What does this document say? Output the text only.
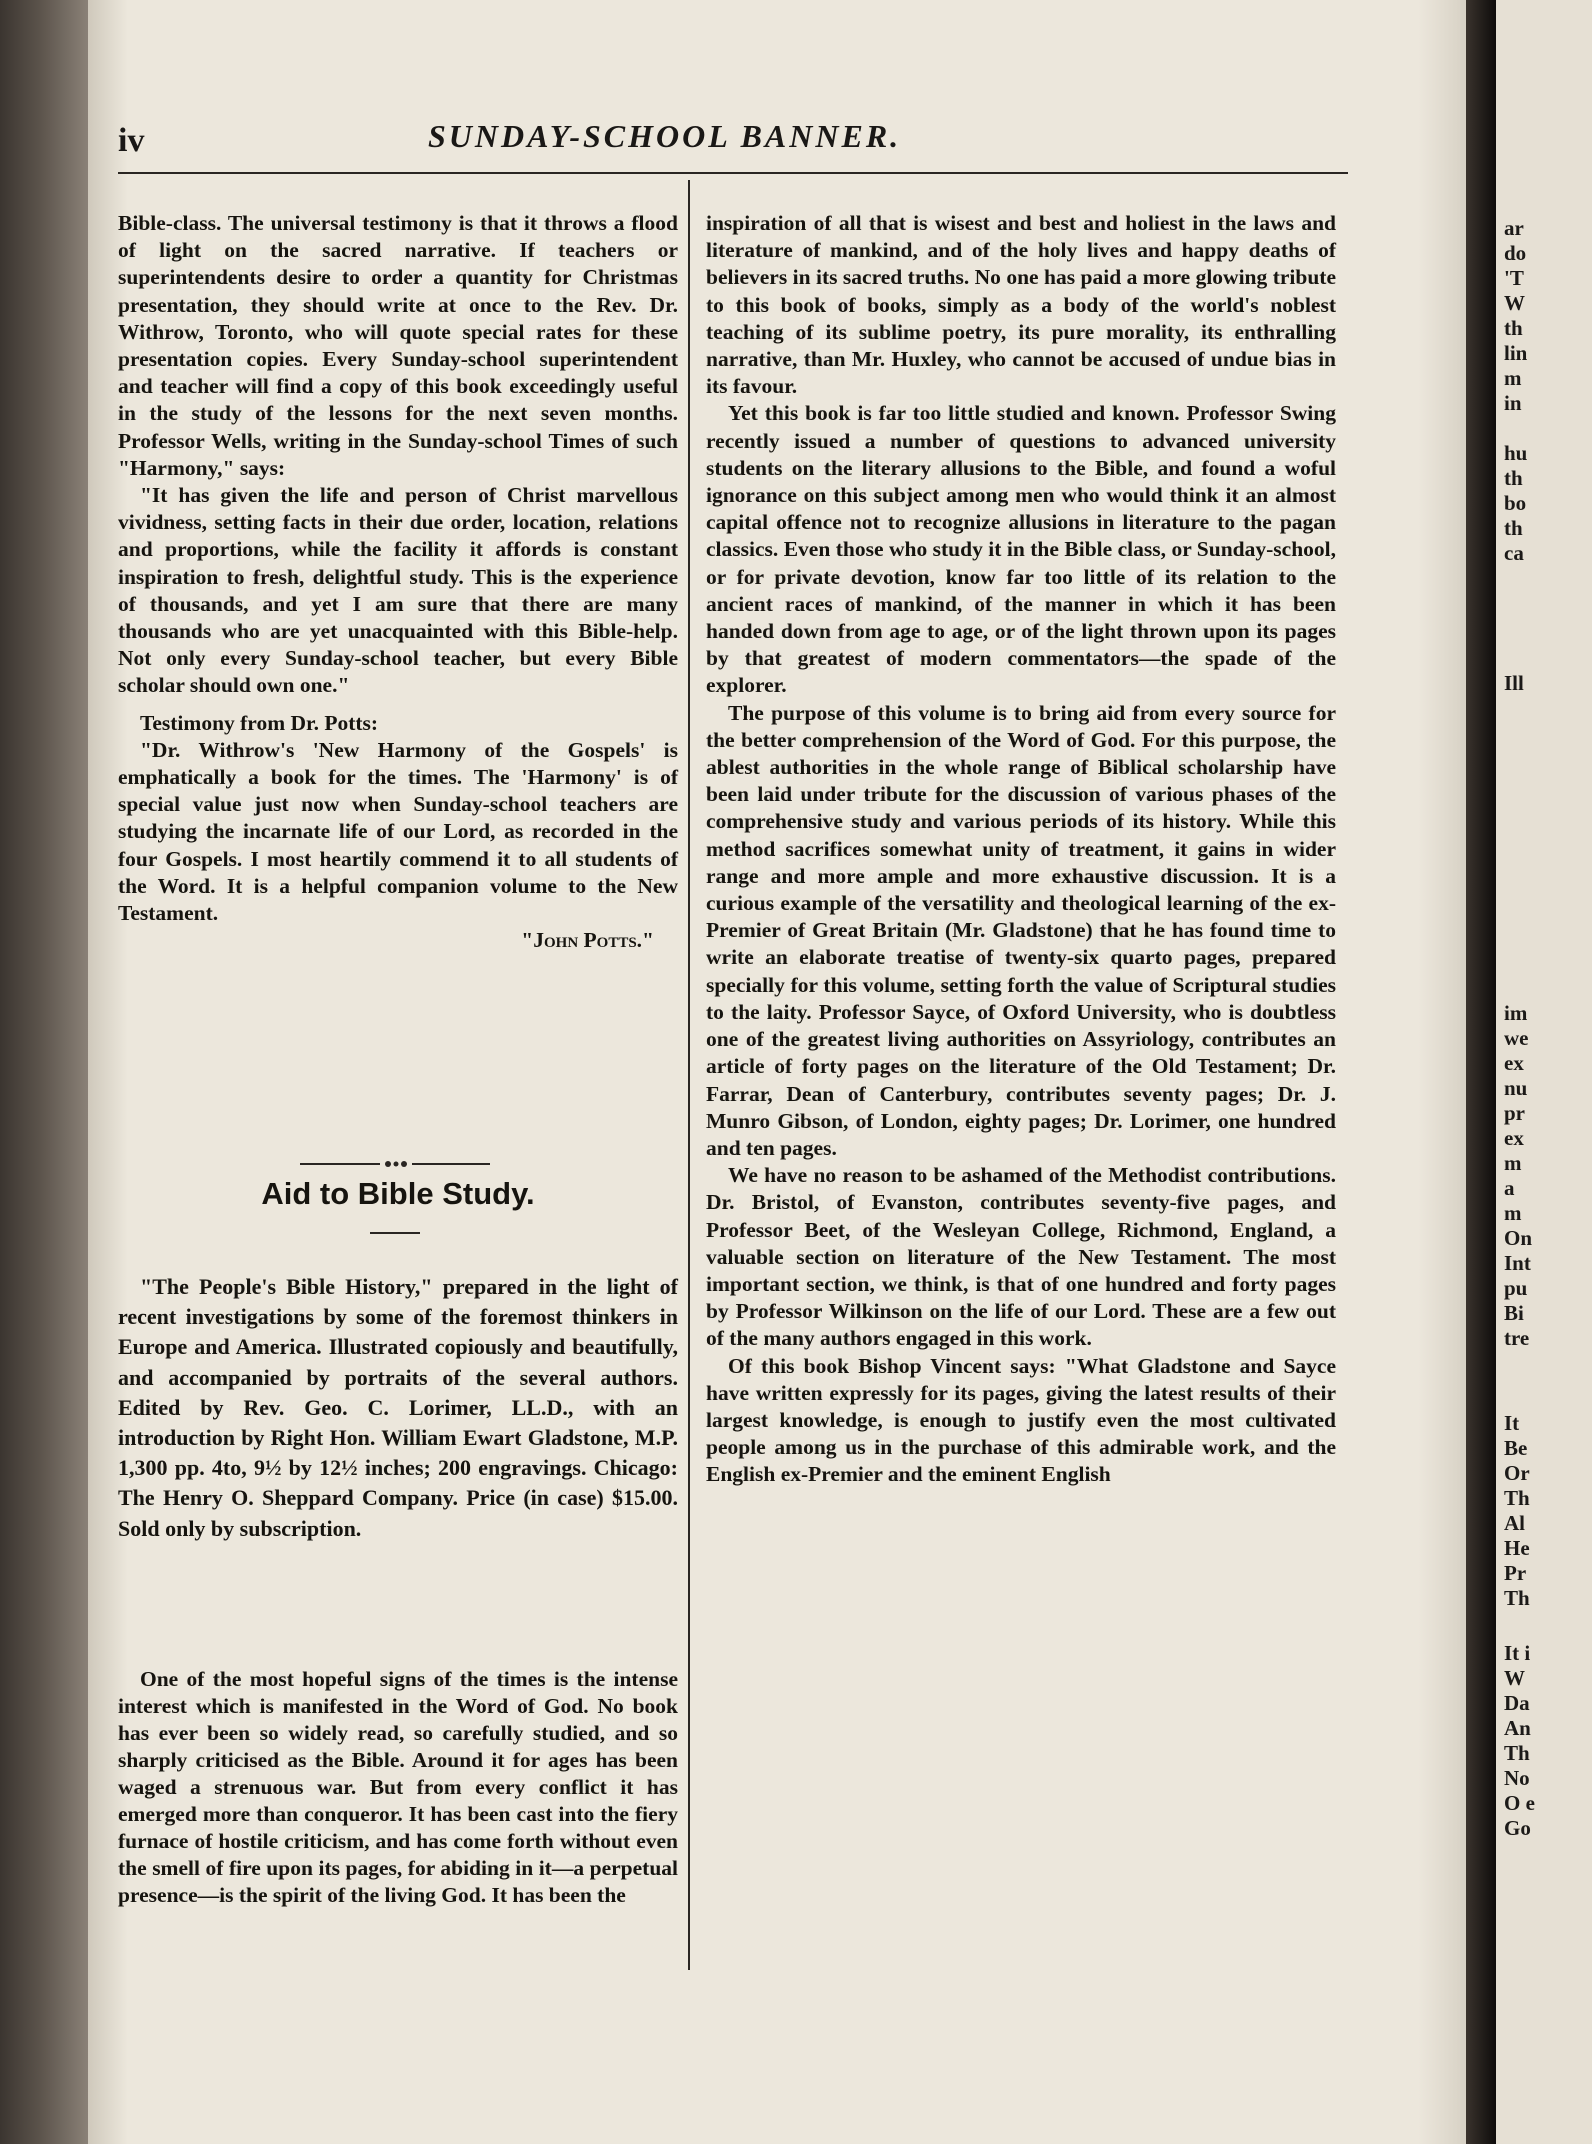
iv	SUNDAY-SCHOOL BANNER.

Bible-class. The universal testimony is that it throws a flood of light on the sacred narrative. If teachers or superintendents desire to order a quantity for Christmas presentation, they should write at once to the Rev. Dr. Withrow, Toronto, who will quote special rates for these presentation copies. Every Sunday-school superintendent and teacher will find a copy of this book exceedingly useful in the study of the lessons for the next seven months. Professor Wells, writing in the Sunday-school Times of such "Harmony," says:

"It has given the life and person of Christ marvellous vividness, setting facts in their due order, location, relations and proportions, while the facility it affords is constant inspiration to fresh, delightful study. This is the experience of thousands, and yet I am sure that there are many thousands who are yet unacquainted with this Bible-help. Not only every Sunday-school teacher, but every Bible scholar should own one."

Testimony from Dr. Potts:

"Dr. Withrow's 'New Harmony of the Gospels' is emphatically a book for the times. The 'Harmony' is of special value just now when Sunday-school teachers are studying the incarnate life of our Lord, as recorded in the four Gospels. I most heartily commend it to all students of the Word. It is a helpful companion volume to the New Testament.

"John Potts."

Aid to Bible Study.

"The People's Bible History," prepared in the light of recent investigations by some of the foremost thinkers in Europe and America. Illustrated copiously and beautifully, and accompanied by portraits of the several authors. Edited by Rev. Geo. C. Lorimer, LL.D., with an introduction by Right Hon. William Ewart Gladstone, M.P. 1,300 pp. 4to, 9½ by 12½ inches; 200 engravings. Chicago: The Henry O. Sheppard Company. Price (in case) $15.00. Sold only by subscription.

One of the most hopeful signs of the times is the intense interest which is manifested in the Word of God. No book has ever been so widely read, so carefully studied, and so sharply criticised as the Bible. Around it for ages has been waged a strenuous war. But from every conflict it has emerged more than conqueror. It has been cast into the fiery furnace of hostile criticism, and has come forth without even the smell of fire upon its pages, for abiding in it—a perpetual presence—is the spirit of the living God. It has been the

inspiration of all that is wisest and best and holiest in the laws and literature of mankind, and of the holy lives and happy deaths of believers in its sacred truths. No one has paid a more glowing tribute to this book of books, simply as a body of the world's noblest teaching of its sublime poetry, its pure morality, its enthralling narrative, than Mr. Huxley, who cannot be accused of undue bias in its favour.

Yet this book is far too little studied and known. Professor Swing recently issued a number of questions to advanced university students on the literary allusions to the Bible, and found a woful ignorance on this subject among men who would think it an almost capital offence not to recognize allusions in literature to the pagan classics. Even those who study it in the Bible class, or Sunday-school, or for private devotion, know far too little of its relation to the ancient races of mankind, of the manner in which it has been handed down from age to age, or of the light thrown upon its pages by that greatest of modern commentators—the spade of the explorer.

The purpose of this volume is to bring aid from every source for the better comprehension of the Word of God. For this purpose, the ablest authorities in the whole range of Biblical scholarship have been laid under tribute for the discussion of various phases of the comprehensive study and various periods of its history. While this method sacrifices somewhat unity of treatment, it gains in wider range and more ample and more exhaustive discussion. It is a curious example of the versatility and theological learning of the ex-Premier of Great Britain (Mr. Gladstone) that he has found time to write an elaborate treatise of twenty-six quarto pages, prepared specially for this volume, setting forth the value of Scriptural studies to the laity. Professor Sayce, of Oxford University, who is doubtless one of the greatest living authorities on Assyriology, contributes an article of forty pages on the literature of the Old Testament; Dr. Farrar, Dean of Canterbury, contributes seventy pages; Dr. J. Munro Gibson, of London, eighty pages; Dr. Lorimer, one hundred and ten pages.

We have no reason to be ashamed of the Methodist contributions. Dr. Bristol, of Evanston, contributes seventy-five pages, and Professor Beet, of the Wesleyan College, Richmond, England, a valuable section on literature of the New Testament. The most important section, we think, is that of one hundred and forty pages by Professor Wilkinson on the life of our Lord. These are a few out of the many authors engaged in this work.

Of this book Bishop Vincent says: "What Gladstone and Sayce have written expressly for its pages, giving the latest results of their largest knowledge, is enough to justify even the most cultivated people among us in the purchase of this admirable work, and the English ex-Premier and the eminent English

ar
do
'T
W
th
lin
m
in
hu
th
bo
th
ca
Ill
im
we
ex
nu
pr
ex
m
a
m
On
Int
pu
Bi
tre
It
Be
Or
Th
Al
He
Pr
Th
It i
W
Da
An
Th
No
O e
Go
